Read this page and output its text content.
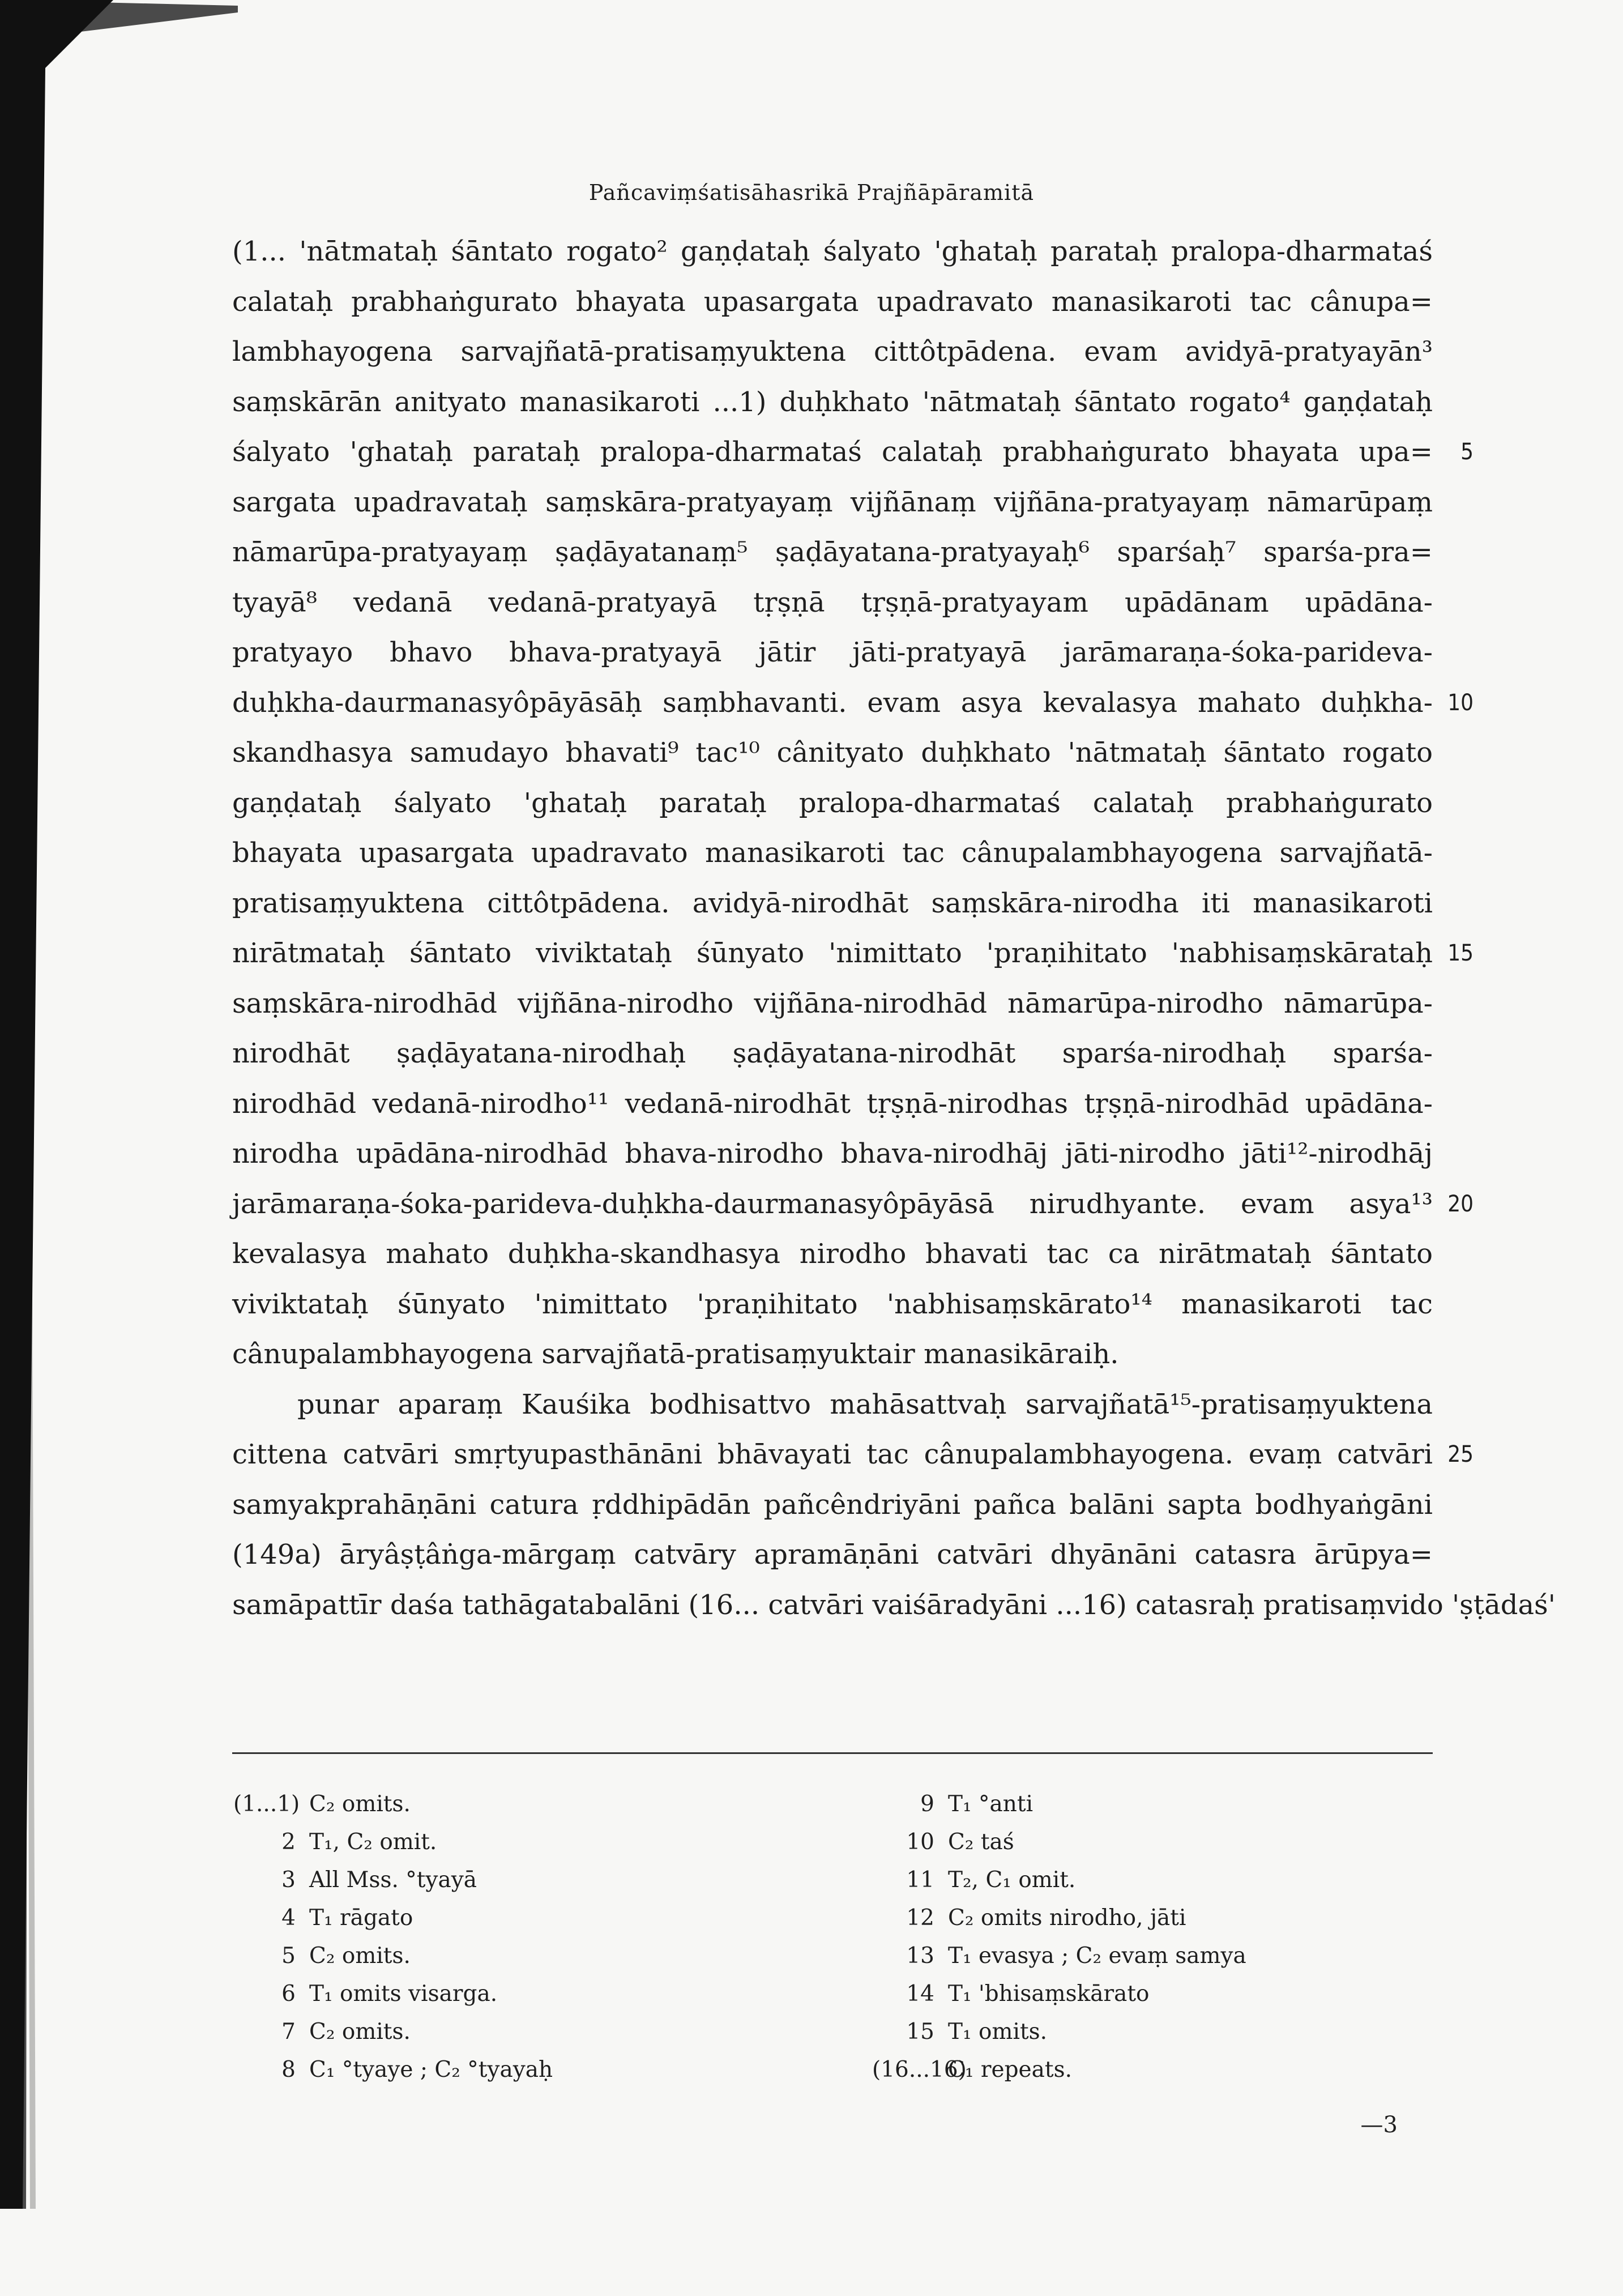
Pañcaviṃśatisāhasrikā Prajñāpāramitā
(1... 'nātmataḥ śāntato rogato² gaṇḍataḥ śalyato 'ghataḥ parataḥ pralopa-dharmataś
calataḥ prabhaṅgurato bhayata upasargata upadravato manasikaroti tac cânupa=
lambhayogena sarvajñatā-pratisaṃyuktena cittôtpādena. evam avidyā-pratyayān³
saṃskārān anityato manasikaroti ...1) duḥkhato 'nātmataḥ śāntato rogato⁴ gaṇḍataḥ
śalyato 'ghataḥ parataḥ pralopa-dharmataś calataḥ prabhaṅgurato bhayata upa= 5
sargata upadravataḥ saṃskāra-pratyayaṃ vijñānaṃ vijñāna-pratyayaṃ nāmarūpaṃ
nāmarūpa-pratyayaṃ ṣaḍāyatanaṃ⁵ ṣaḍāyatana-pratyayaḥ⁶ sparśaḥ⁷ sparśa-pra=
tyayā⁸ vedanā vedanā-pratyayā tṛṣṇā tṛṣṇā-pratyayam upādānam upādāna-
pratyayo bhavo bhava-pratyayā jātir jāti-pratyayā jarāmaraṇa-śoka-parideva-
duḥkha-daurmanasyôpāyāsāḥ saṃbhavanti. evam asya kevalasya mahato duḥkha- 10
skandhasya samudayo bhavati⁹ tac¹⁰ cânityato duḥkhato 'nātmataḥ śāntato rogato
gaṇḍataḥ śalyato 'ghataḥ parataḥ pralopa-dharmataś calataḥ prabhaṅgurato
bhayata upasargata upadravato manasikaroti tac cânupalambhayogena sarvajñatā-
pratisaṃyuktena cittôtpādena. avidyā-nirodhāt saṃskāra-nirodha iti manasikaroti
nirātmataḥ śāntato viviktataḥ śūnyato 'nimittato 'praṇihitato 'nabhisaṃskārataḥ 15
saṃskāra-nirodhād vijñāna-nirodho vijñāna-nirodhād nāmarūpa-nirodho nāmarūpa-
nirodhāt ṣaḍāyatana-nirodhaḥ ṣaḍāyatana-nirodhāt sparśa-nirodhaḥ sparśa-
nirodhād vedanā-nirodho¹¹ vedanā-nirodhāt tṛṣṇā-nirodhas tṛṣṇā-nirodhād upādāna-
nirodha upādāna-nirodhād bhava-nirodho bhava-nirodhāj jāti-nirodho jāti¹²-nirodhāj
jarāmaraṇa-śoka-parideva-duḥkha-daurmanasyôpāyāsā nirudhyante. evam asya¹³ 20
kevalasya mahato duḥkha-skandhasya nirodho bhavati tac ca nirātmataḥ śāntato
viviktataḥ śūnyato 'nimittato 'praṇihitato 'nabhisaṃskārato¹⁴ manasikaroti tac
cânupalambhayogena sarvajñatā-pratisaṃyuktair manasikāraiḥ.
punar aparaṃ Kauśika bodhisattvo mahāsattvaḥ sarvajñatā¹⁵-pratisaṃyuktena
cittena catvāri smṛtyupasthānāni bhāvayati tac cânupalambhayogena. evaṃ catvāri 25
samyakprahāṇāni catura ṛddhipādān pañcêndriyāni pañca balāni sapta bodhyaṅgāni
(149a) āryâṣṭâṅga-mārgaṃ catvāry apramāṇāni catvāri dhyānāni catasra ārūpya=
samāpattīr daśa tathāgatabalāni (16... catvāri vaiśāradyāni ...16) catasraḥ pratisaṃvido 'ṣṭādaś'
(1...1) C₂ omits.
2 T₁, C₂ omit.
3 All Mss. °tyayā
4 T₁ rāgato
5 C₂ omits.
6 T₁ omits visarga.
7 C₂ omits.
8 C₁ °tyaye ; C₂ °tyayaḥ
9 T₁ °anti
10 C₂ taś
11 T₂, C₁ omit.
12 C₂ omits nirodho, jāti
13 T₁ evasya ; C₂ evaṃ samya
14 T₁ 'bhisaṃskārato
15 T₁ omits.
(16...16)
C₁ repeats.
—3
